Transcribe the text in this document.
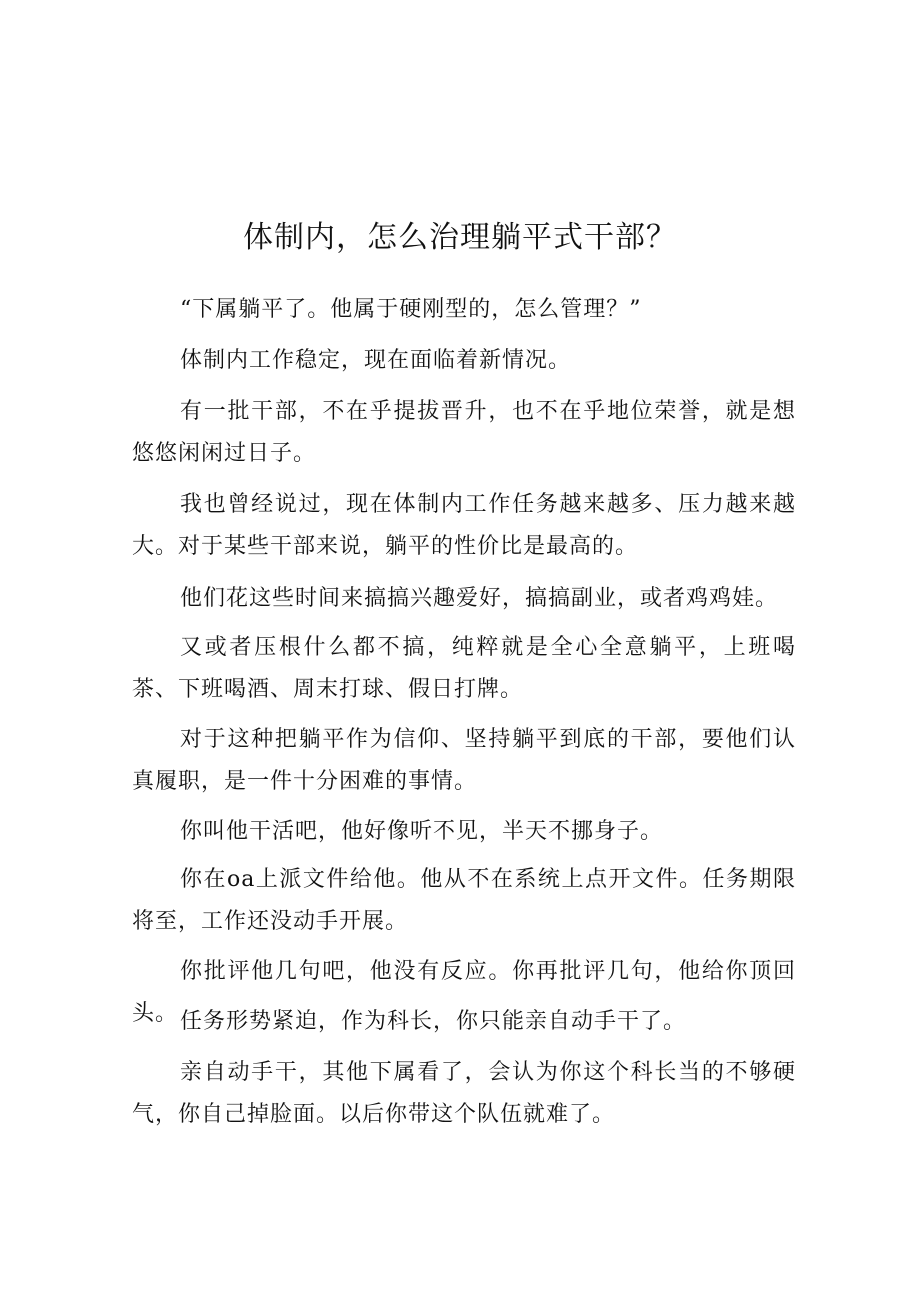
体制内，怎么治理躺平式干部？

“下属躺平了。他属于硬刚型的，怎么管理？”

体制内工作稳定，现在面临着新情况。

有一批干部，不在乎提拔晋升，也不在乎地位荣誉，就是想悠悠闲闲过日子。

我也曾经说过，现在体制内工作任务越来越多、压力越来越大。对于某些干部来说，躺平的性价比是最高的。

他们花这些时间来搞搞兴趣爱好，搞搞副业，或者鸡鸡娃。

又或者压根什么都不搞，纯粹就是全心全意躺平，上班喝茶、下班喝酒、周末打球、假日打牌。

对于这种把躺平作为信仰、坚持躺平到底的干部，要他们认真履职，是一件十分困难的事情。

你叫他干活吧，他好像听不见，半天不挪身子。

你在oa上派文件给他。他从不在系统上点开文件。任务期限将至，工作还没动手开展。

你批评他几句吧，他没有反应。你再批评几句，他给你顶回头。 任务形势紧迫，作为科长，你只能亲自动手干了。

亲自动手干，其他下属看了，会认为你这个科长当的不够硬气，你自己掉脸面。以后你带这个队伍就难了。
